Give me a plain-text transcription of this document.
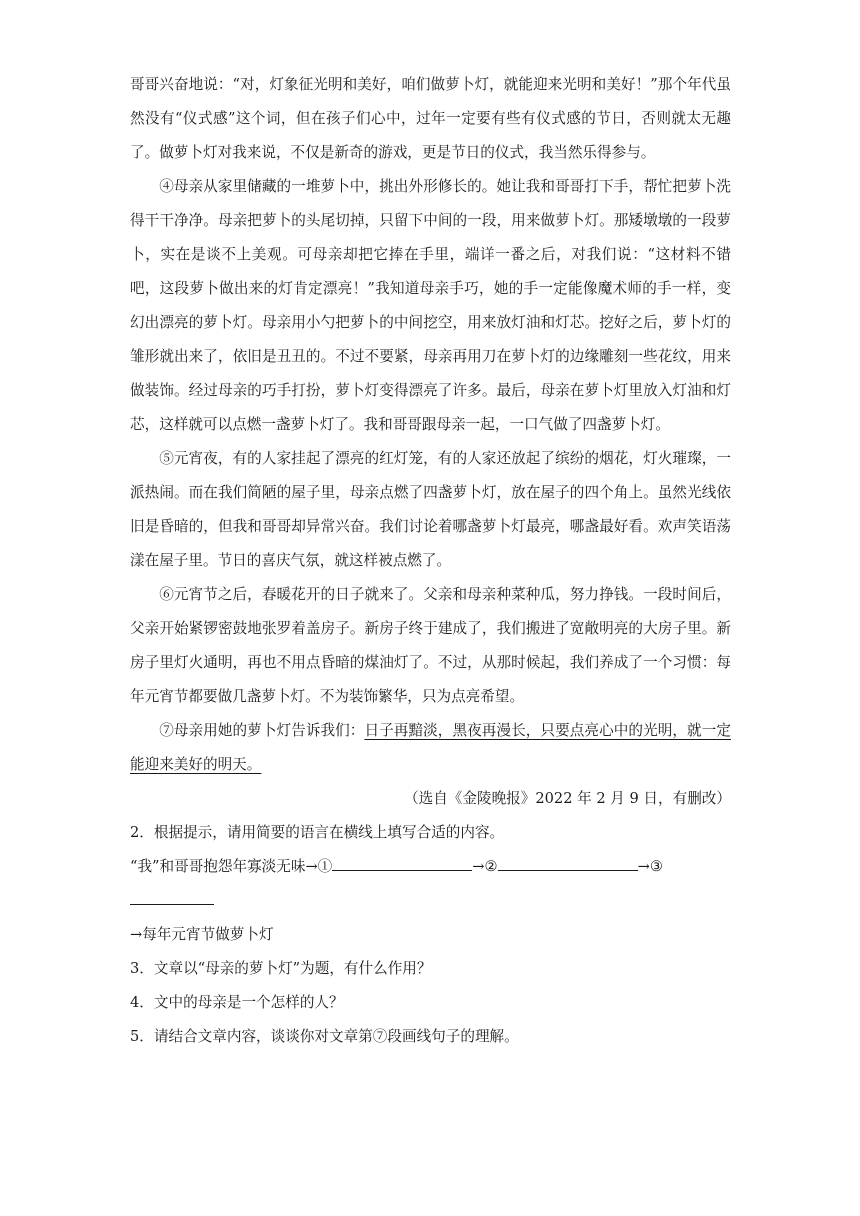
哥哥兴奋地说：“对，灯象征光明和美好，咱们做萝卜灯，就能迎来光明和美好！”那个年代虽然没有“仪式感”这个词，但在孩子们心中，过年一定要有些有仪式感的节日，否则就太无趣了。做萝卜灯对我来说，不仅是新奇的游戏，更是节日的仪式，我当然乐得参与。

④母亲从家里储藏的一堆萝卜中，挑出外形修长的。她让我和哥哥打下手，帮忙把萝卜洗得干干净净。母亲把萝卜的头尾切掉，只留下中间的一段，用来做萝卜灯。那矮墩墩的一段萝卜，实在是谈不上美观。可母亲却把它捧在手里，端详一番之后，对我们说：“这材料不错吧，这段萝卜做出来的灯肯定漂亮！”我知道母亲手巧，她的手一定能像魔术师的手一样，变幻出漂亮的萝卜灯。母亲用小勺把萝卜的中间挖空，用来放灯油和灯芯。挖好之后，萝卜灯的雏形就出来了，依旧是丑丑的。不过不要紧，母亲再用刀在萝卜灯的边缘雕刻一些花纹，用来做装饰。经过母亲的巧手打扮，萝卜灯变得漂亮了许多。最后，母亲在萝卜灯里放入灯油和灯芯，这样就可以点燃一盏萝卜灯了。我和哥哥跟母亲一起，一口气做了四盏萝卜灯。

⑤元宵夜，有的人家挂起了漂亮的红灯笼，有的人家还放起了缤纷的烟花，灯火璀璨，一派热闹。而在我们简陋的屋子里，母亲点燃了四盏萝卜灯，放在屋子的四个角上。虽然光线依旧是昏暗的，但我和哥哥却异常兴奋。我们讨论着哪盏萝卜灯最亮，哪盏最好看。欢声笑语荡漾在屋子里。节日的喜庆气氛，就这样被点燃了。

⑥元宵节之后，春暖花开的日子就来了。父亲和母亲种菜种瓜，努力挣钱。一段时间后，父亲开始紧锣密鼓地张罗着盖房子。新房子终于建成了，我们搬进了宽敞明亮的大房子里。新房子里灯火通明，再也不用点昏暗的煤油灯了。不过，从那时候起，我们养成了一个习惯：每年元宵节都要做几盏萝卜灯。不为装饰繁华，只为点亮希望。

⑦母亲用她的萝卜灯告诉我们：日子再黯淡，黑夜再漫长，只要点亮心中的光明，就一定能迎来美好的明天。

（选自《金陵晚报》2022 年 2 月 9 日，有删改）

2．根据提示，请用简要的语言在横线上填写合适的内容。

“我”和哥哥抱怨年寡淡无味→①	→②	→③
→每年元宵节做萝卜灯

3．文章以“母亲的萝卜灯”为题，有什么作用？

4．文中的母亲是一个怎样的人？

5．请结合文章内容，谈谈你对文章第⑦段画线句子的理解。
